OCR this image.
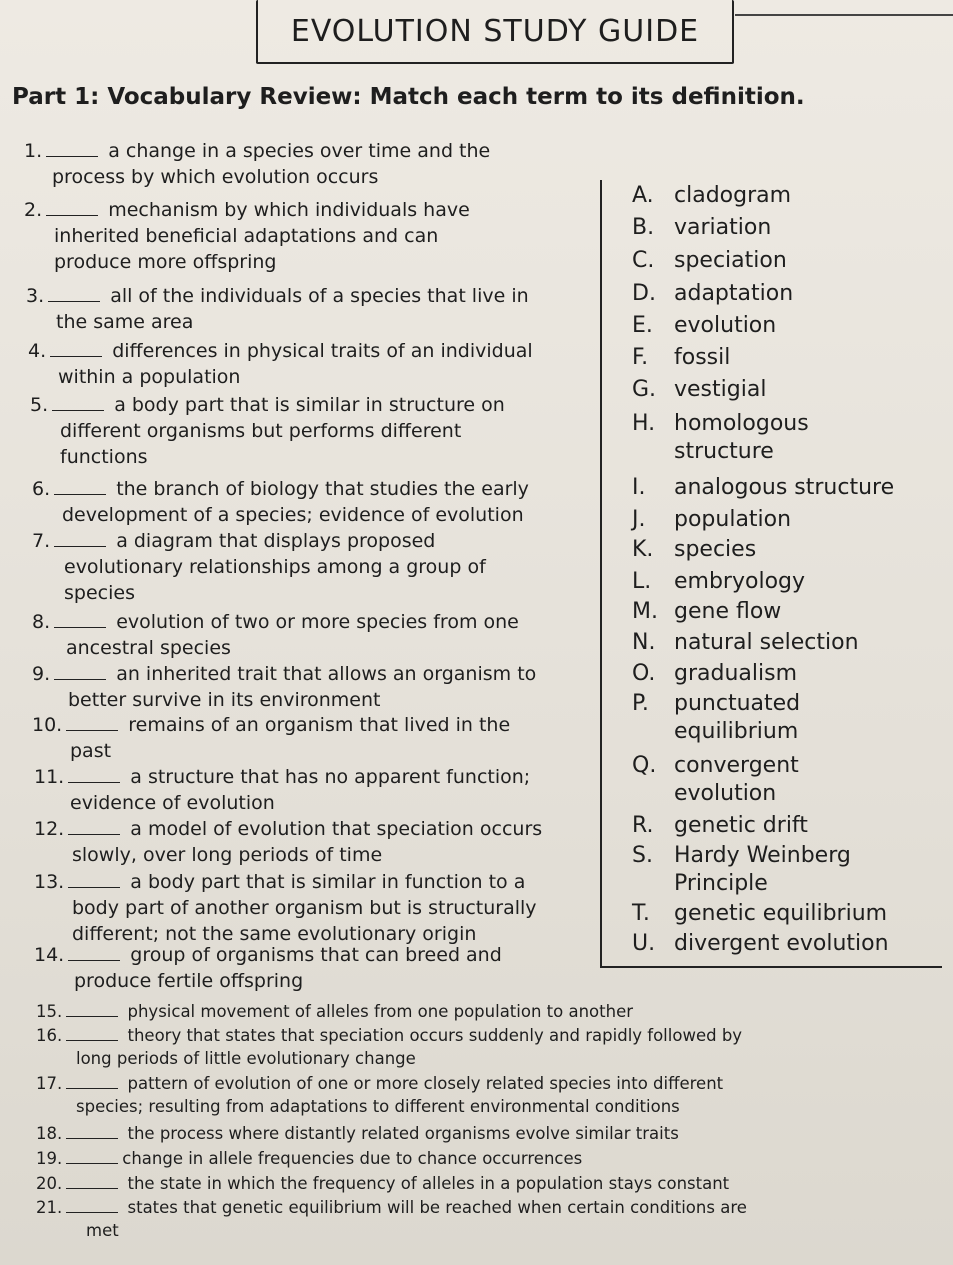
EVOLUTION STUDY GUIDE
Part 1: Vocabulary Review: Match each term to its definition.
1.	a change in a species over time and the
process by which evolution occurs
2.	mechanism by which individuals have
inherited beneficial adaptations and can
produce more offspring
3.	all of the individuals of a species that live in
the same area
4.	differences in physical traits of an individual
within a population
5.	a body part that is similar in structure on
different organisms but performs different
functions
6.	the branch of biology that studies the early
development of a species; evidence of evolution
7.	a diagram that displays proposed
evolutionary relationships among a group of
species
8.	evolution of two or more species from one
ancestral species
9.	an inherited trait that allows an organism to
better survive in its environment
10.	remains of an organism that lived in the
past
11.	a structure that has no apparent function;
evidence of evolution
12.	a model of evolution that speciation occurs
slowly, over long periods of time
13.	a body part that is similar in function to a
body part of another organism but is structurally
different; not the same evolutionary origin
14.	group of organisms that can breed and
produce fertile offspring
15.	physical movement of alleles from one population to another
16.	theory that states that speciation occurs suddenly and rapidly followed by
long periods of little evolutionary change
17.	pattern of evolution of one or more closely related species into different
species; resulting from adaptations to different environmental conditions
18.	the process where distantly related organisms evolve similar traits
19.	change in allele frequencies due to chance occurrences
20.	the state in which the frequency of alleles in a population stays constant
21.	states that genetic equilibrium will be reached when certain conditions are
met
A. cladogram
B. variation
C. speciation
D. adaptation
E. evolution
F. fossil
G. vestigial
H. homologous
structure
I. analogous structure
J. population
K. species
L. embryology
M. gene flow
N. natural selection
O. gradualism
P. punctuated
equilibrium
Q. convergent
evolution
R. genetic drift
S. Hardy Weinberg
Principle
T. genetic equilibrium
U. divergent evolution
